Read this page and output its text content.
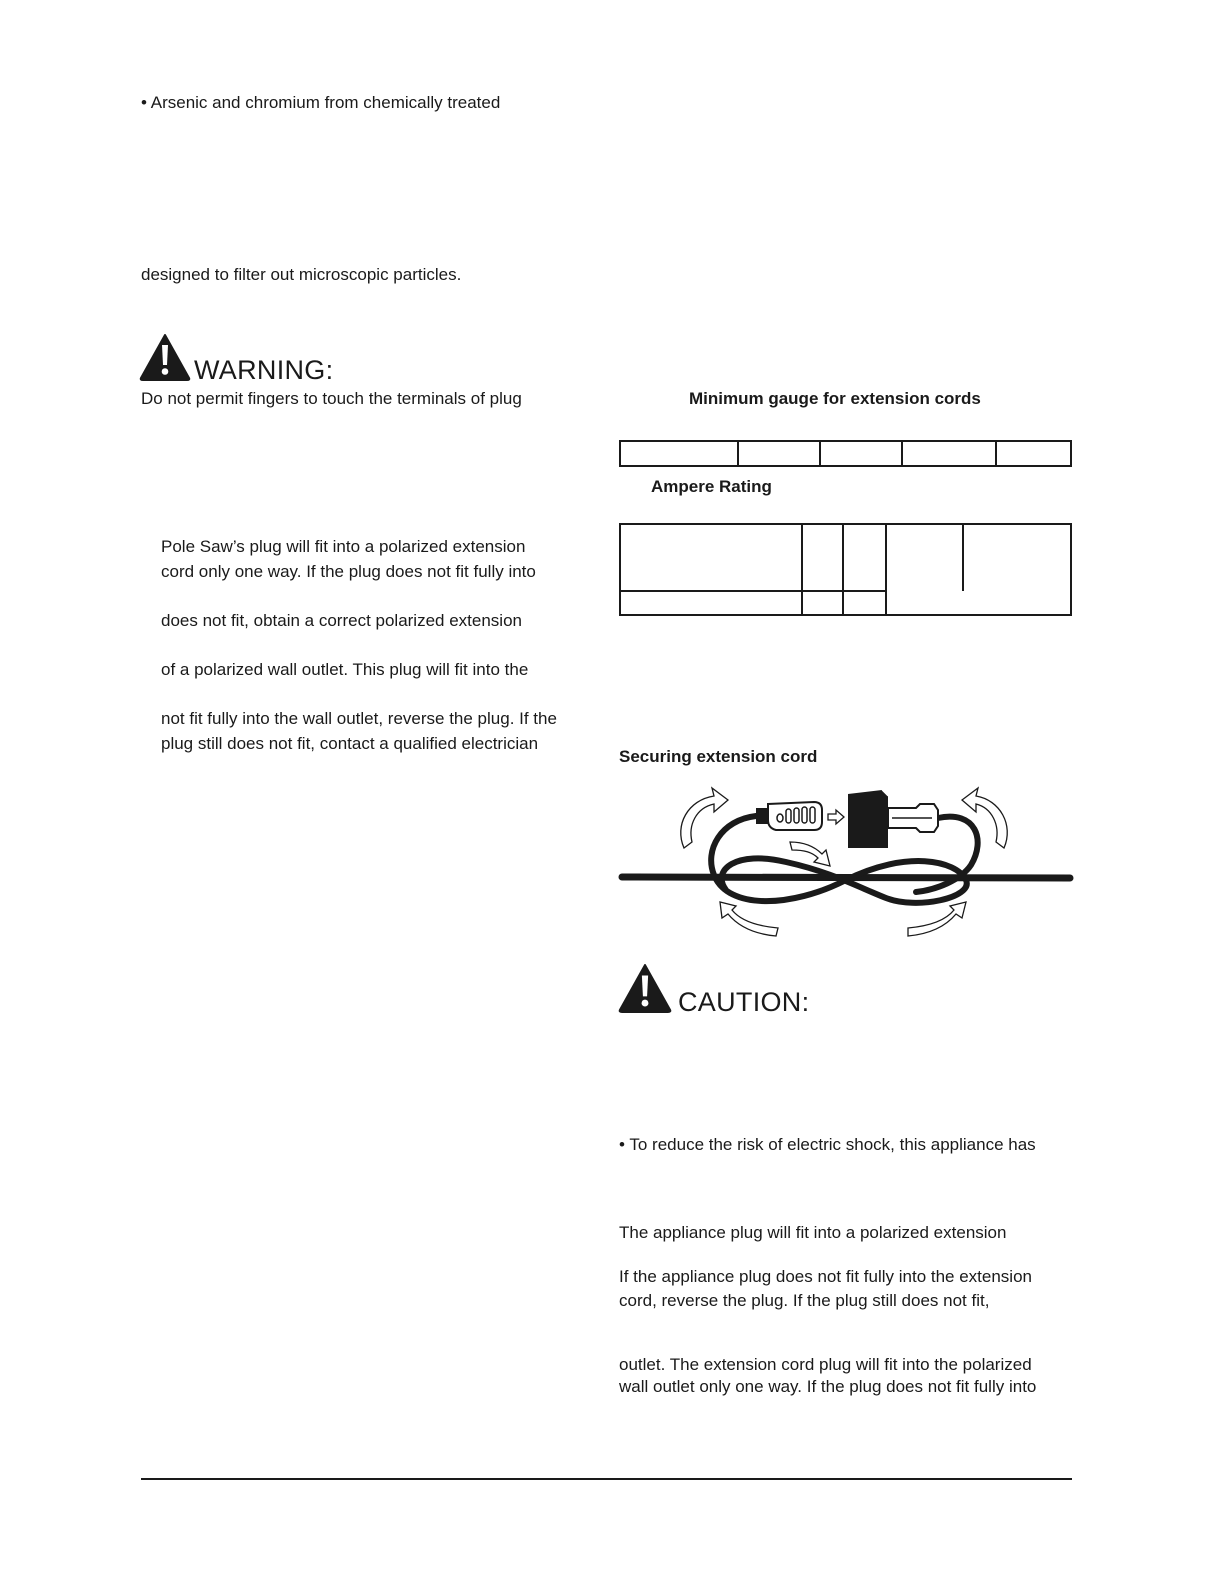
• Arsenic and chromium from chemically treated

designed to filter out microscopic particles.

WARNING:

Do not permit fingers to touch the terminals of plug

Pole Saw’s plug will fit into a polarized extension

cord only one way. If the plug does not fit fully into

does not fit, obtain a correct polarized extension

of a polarized wall outlet. This plug will fit into the

not fit fully into the wall outlet, reverse the plug. If the

plug still does not fit, contact a qualified electrician

Minimum gauge for extension cords

Ampere Rating

Securing extension cord

CAUTION:

• To reduce the risk of electric shock, this appliance has

The appliance plug will fit into a polarized extension

If the appliance plug does not fit fully into the extension

cord, reverse the plug. If the plug still does not fit,

outlet. The extension cord plug will fit into the polarized

wall outlet only one way. If the plug does not fit fully into
